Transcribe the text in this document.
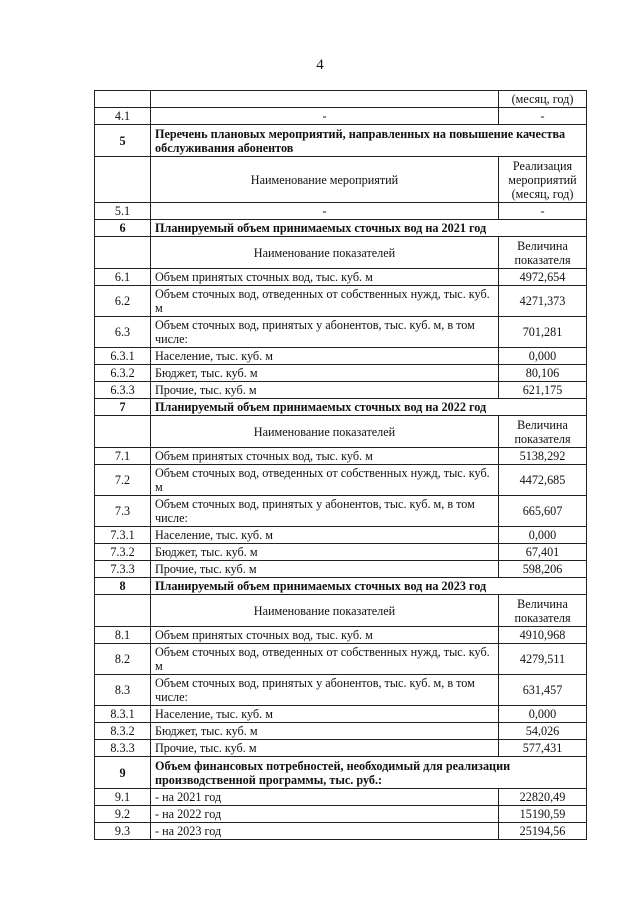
4
		(месяц, год)
4.1	-	-
5	Перечень плановых мероприятий, направленных на повышение качества обслуживания абонентов	
	Наименование мероприятий	Реализация мероприятий (месяц, год)
5.1	-	-
6	Планируемый объем принимаемых сточных вод на 2021 год	
	Наименование показателей	Величина показателя
6.1	Объем принятых сточных вод, тыс. куб. м	4972,654
6.2	Объем сточных вод, отведенных от собственных нужд, тыс. куб. м	4271,373
6.3	Объем сточных вод, принятых у абонентов, тыс. куб. м, в том числе:	701,281
6.3.1	Население, тыс. куб. м	0,000
6.3.2	Бюджет, тыс. куб. м	80,106
6.3.3	Прочие, тыс. куб. м	621,175
7	Планируемый объем принимаемых сточных вод на 2022 год	
	Наименование показателей	Величина показателя
7.1	Объем принятых сточных вод, тыс. куб. м	5138,292
7.2	Объем сточных вод, отведенных от собственных нужд, тыс. куб. м	4472,685
7.3	Объем сточных вод, принятых у абонентов, тыс. куб. м, в том числе:	665,607
7.3.1	Население, тыс. куб. м	0,000
7.3.2	Бюджет, тыс. куб. м	67,401
7.3.3	Прочие, тыс. куб. м	598,206
8	Планируемый объем принимаемых сточных вод на 2023 год	
	Наименование показателей	Величина показателя
8.1	Объем принятых сточных вод, тыс. куб. м	4910,968
8.2	Объем сточных вод, отведенных от собственных нужд, тыс. куб. м	4279,511
8.3	Объем сточных вод, принятых у абонентов, тыс. куб. м, в том числе:	631,457
8.3.1	Население, тыс. куб. м	0,000
8.3.2	Бюджет, тыс. куб. м	54,026
8.3.3	Прочие, тыс. куб. м	577,431
9	Объем финансовых потребностей, необходимый для реализации производственной программы, тыс. руб.:	
9.1	- на 2021 год	22820,49
9.2	- на 2022 год	15190,59
9.3	- на 2023 год	25194,56
